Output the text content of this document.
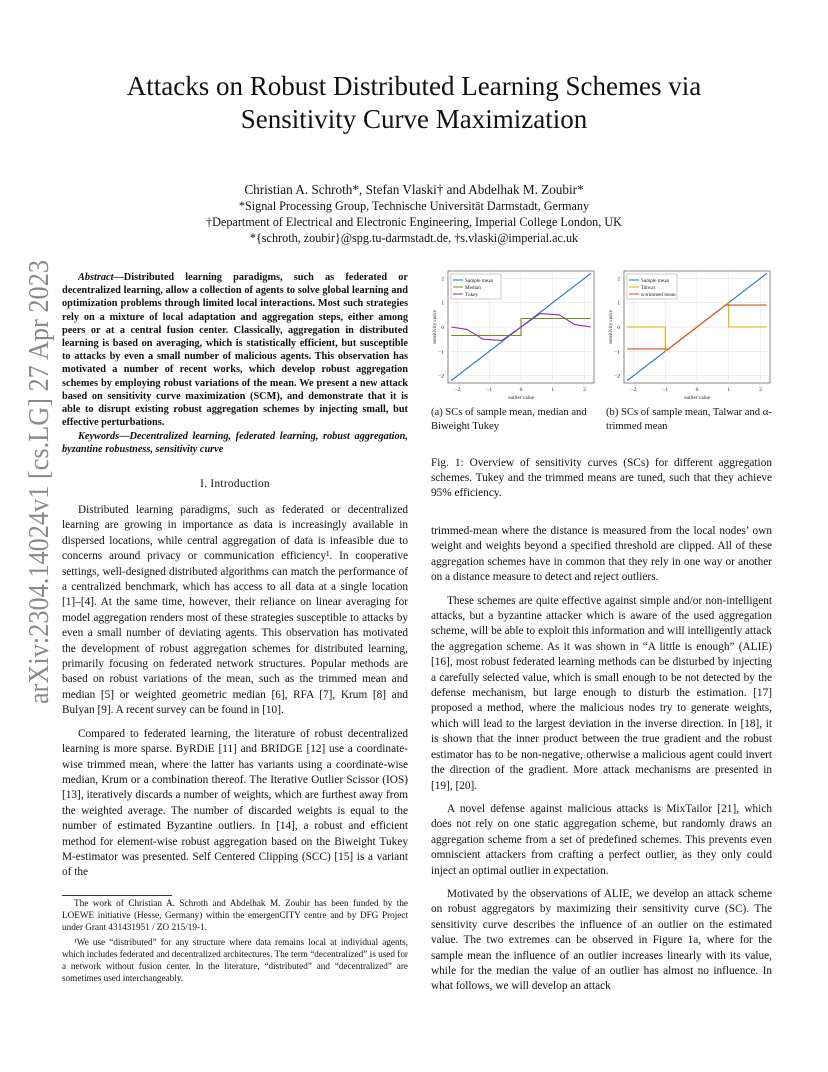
arXiv:2304.14024v1 [cs.LG] 27 Apr 2023
Attacks on Robust Distributed Learning Schemes via
Sensitivity Curve Maximization
Christian A. Schroth*, Stefan Vlaski† and Abdelhak M. Zoubir*
*Signal Processing Group, Technische Universität Darmstadt, Germany
†Department of Electrical and Electronic Engineering, Imperial College London, UK
*{schroth, zoubir}@spg.tu-darmstadt.de, †s.vlaski@imperial.ac.uk

Abstract—Distributed learning paradigms, such as federated or decentralized learning, allow a collection of agents to solve global learning and optimization problems through limited local interactions. Most such strategies rely on a mixture of local adaptation and aggregation steps, either among peers or at a central fusion center. Classically, aggregation in distributed learning is based on averaging, which is statistically efficient, but susceptible to attacks by even a small number of malicious agents. This observation has motivated a number of recent works, which develop robust aggregation schemes by employing robust variations of the mean. We present a new attack based on sensitivity curve maximization (SCM), and demonstrate that it is able to disrupt existing robust aggregation schemes by injecting small, but effective perturbations.

Keywords—Decentralized learning, federated learning, robust aggregation, byzantine robustness, sensitivity curve

I. Introduction

Distributed learning paradigms, such as federated or decentralized learning are growing in importance as data is increasingly available in dispersed locations, while central aggregation of data is infeasible due to concerns around privacy or communication efficiency¹. In cooperative settings, well-designed distributed algorithms can match the performance of a centralized benchmark, which has access to all data at a single location [1]–[4]. At the same time, however, their reliance on linear averaging for model aggregation renders most of these strategies susceptible to attacks by even a small number of deviating agents. This observation has motivated the development of robust aggregation schemes for distributed learning, primarily focusing on federated network structures. Popular methods are based on robust variations of the mean, such as the trimmed mean and median [5] or weighted geometric median [6], RFA [7], Krum [8] and Bulyan [9]. A recent survey can be found in [10].

Compared to federated learning, the literature of robust decentralized learning is more sparse. ByRDiE [11] and BRIDGE [12] use a coordinate-wise trimmed mean, where the latter has variants using a coordinate-wise median, Krum or a combination thereof. The Iterative Outlier Scissor (IOS) [13], iteratively discards a number of weights, which are furthest away from the weighted average. The number of discarded weights is equal to the number of estimated Byzantine outliers. In [14], a robust and efficient method for element-wise robust aggregation based on the Biweight Tukey M-estimator was presented. Self Centered Clipping (SCC) [15] is a variant of the

The work of Christian A. Schroth and Abdelhak M. Zoubir has been funded by the LOEWE initiative (Hesse, Germany) within the emergenCITY centre and by DFG Project under Grant 431431951 / ZO 215/19-1.

¹We use “distributed” for any structure where data remains local at individual agents, which includes federated and decentralized architectures. The term “decentralized” is used for a network without fusion center. In the literature, “distributed” and “decentralized” are sometimes used interchangeably.

−2
2
−1
1
0
0
1
−1
2
−2
outlier value
sensitivity curve
Sample mean
Median
Tukey
−2
2
−1
1
0
0
1
−1
2
−2
outlier value
sensitivity curve
Sample mean
Talwar
α-trimmed mean
(a) SCs of sample mean, median and Biweight Tukey
(b) SCs of sample mean, Talwar and α-trimmed mean
Fig. 1: Overview of sensitivity curves (SCs) for different aggregation schemes. Tukey and the trimmed means are tuned, such that they achieve 95% efficiency.

trimmed-mean where the distance is measured from the local nodes’ own weight and weights beyond a specified threshold are clipped. All of these aggregation schemes have in common that they rely in one way or another on a distance measure to detect and reject outliers.

These schemes are quite effective against simple and/or non-intelligent attacks, but a byzantine attacker which is aware of the used aggregation scheme, will be able to exploit this information and will intelligently attack the aggregation scheme. As it was shown in “A little is enough” (ALIE) [16], most robust federated learning methods can be disturbed by injecting a carefully selected value, which is small enough to be not detected by the defense mechanism, but large enough to disturb the estimation. [17] proposed a method, where the malicious nodes try to generate weights, which will lead to the largest deviation in the inverse direction. In [18], it is shown that the inner product between the true gradient and the robust estimator has to be non-negative, otherwise a malicious agent could invert the direction of the gradient. More attack mechanisms are presented in [19], [20].

A novel defense against malicious attacks is MixTailor [21], which does not rely on one static aggregation scheme, but randomly draws an aggregation scheme from a set of predefined schemes. This prevents even omniscient attackers from crafting a perfect outlier, as they only could inject an optimal outlier in expectation.

Motivated by the observations of ALIE, we develop an attack scheme on robust aggregators by maximizing their sensitivity curve (SC). The sensitivity curve describes the influence of an outlier on the estimated value. The two extremes can be observed in Figure 1a, where for the sample mean the influence of an outlier increases linearly with its value, while for the median the value of an outlier has almost no influence. In what follows, we will develop an attack
